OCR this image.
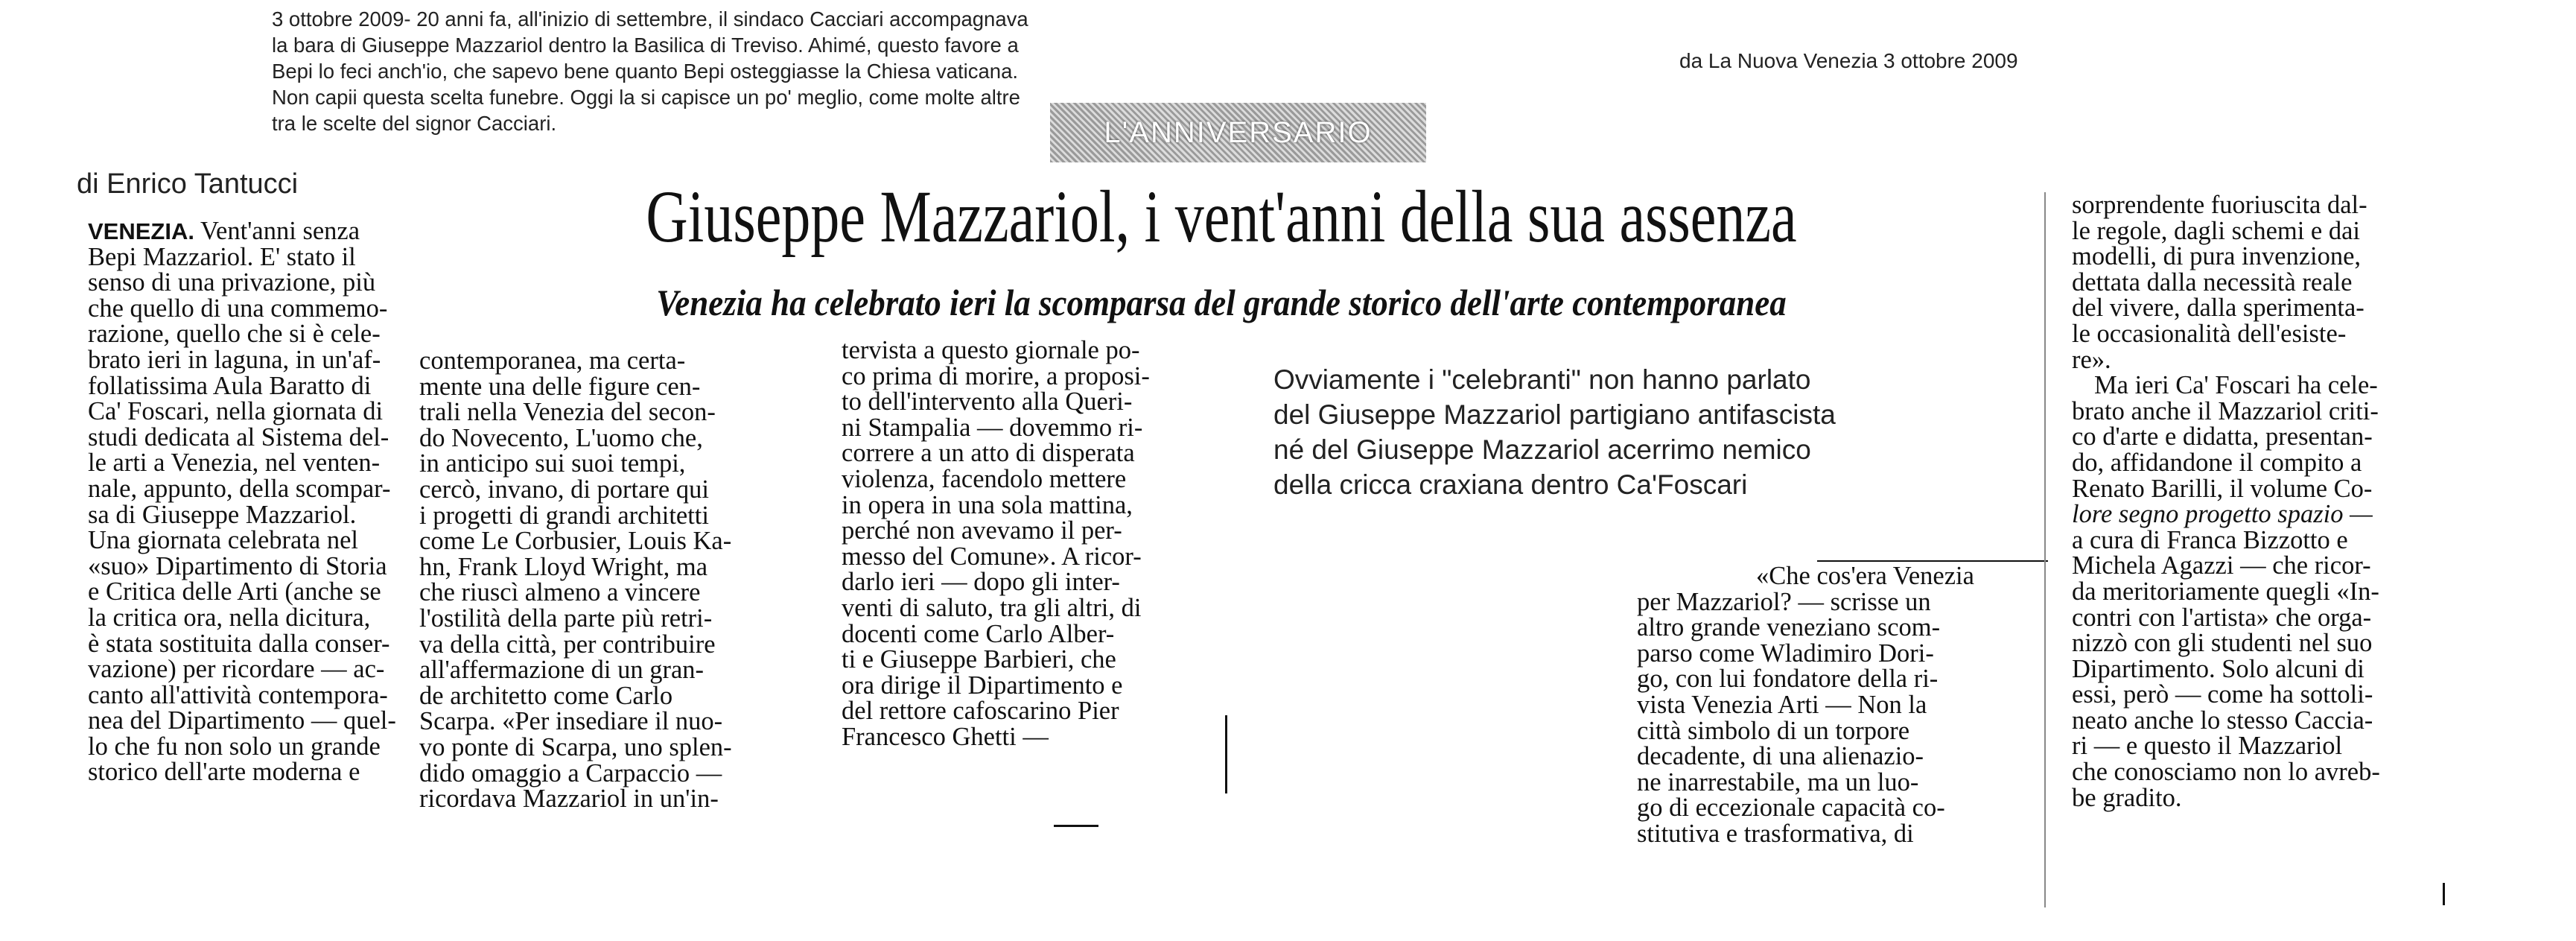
3 ottobre 2009- 20 anni fa, all'inizio di settembre, il sindaco Cacciari accompagnava
la bara di Giuseppe Mazzariol dentro la Basilica di Treviso. Ahimé, questo favore a
Bepi lo feci anch'io, che sapevo bene quanto Bepi osteggiasse la Chiesa vaticana.
Non capii questa scelta funebre. Oggi la si capisce un po' meglio, come molte altre
tra le scelte del signor Cacciari.
da La Nuova Venezia 3 ottobre 2009
L'ANNIVERSARIO
di Enrico Tantucci	Giuseppe Mazzariol, i vent'anni della sua assenza
Venezia ha celebrato ieri la scomparsa del grande storico dell'arte contemporanea
VENEZIA. Vent'anni senza
Bepi Mazzariol. E' stato il
senso di una privazione, più
che quello di una commemo-
razione, quello che si è cele-
brato ieri in laguna, in un'af-
follatissima Aula Baratto di
Ca' Foscari, nella giornata di
studi dedicata al Sistema del-
le arti a Venezia, nel venten-
nale, appunto, della scompar-
sa di Giuseppe Mazzariol.
Una giornata celebrata nel
«suo» Dipartimento di Storia
e Critica delle Arti (anche se
la critica ora, nella dicitura,
è stata sostituita dalla conser-
vazione) per ricordare — ac-
canto all'attività contempora-
nea del Dipartimento — quel-
lo che fu non solo un grande
storico dell'arte moderna e
contemporanea, ma certa-
mente una delle figure cen-
trali nella Venezia del secon-
do Novecento, L'uomo che,
in anticipo sui suoi tempi,
cercò, invano, di portare qui
i progetti di grandi architetti
come Le Corbusier, Louis Ka-
hn, Frank Lloyd Wright, ma
che riuscì almeno a vincere
l'ostilità della parte più retri-
va della città, per contribuire
all'affermazione di un gran-
de architetto come Carlo
Scarpa. «Per insediare il nuo-
vo ponte di Scarpa, uno splen-
dido omaggio a Carpaccio —
ricordava Mazzariol in un'in-
tervista a questo giornale po-
co prima di morire, a proposi-
to dell'intervento alla Queri-
ni Stampalia — dovemmo ri-
correre a un atto di disperata
violenza, facendolo mettere
in opera in una sola mattina,
perché non avevamo il per-
messo del Comune». A ricor-
darlo ieri — dopo gli inter-
venti di saluto, tra gli altri, di
docenti come Carlo Alber-
ti e Giuseppe Barbieri, che
ora dirige il Dipartimento e
del rettore cafoscarino Pier
Francesco Ghetti —
Ovviamente i "celebranti" non hanno parlato
del Giuseppe Mazzariol partigiano antifascista
né del Giuseppe Mazzariol acerrimo nemico
della cricca craxiana dentro Ca'Foscari
«Che cos'era Venezia
per Mazzariol? — scrisse un
altro grande veneziano scom-
parso come Wladimiro Dori-
go, con lui fondatore della ri-
vista Venezia Arti — Non la
città simbolo di un torpore
decadente, di una alienazio-
ne inarrestabile, ma un luo-
go di eccezionale capacità co-
stitutiva e trasformativa, di
sorprendente fuoriuscita dal-
le regole, dagli schemi e dai
modelli, di pura invenzione,
dettata dalla necessità reale
del vivere, dalla sperimenta-
le occasionalità dell'esiste-
re».
Ma ieri Ca' Foscari ha cele-
brato anche il Mazzariol criti-
co d'arte e didatta, presentan-
do, affidandone il compito a
Renato Barilli, il volume Co-
lore segno progetto spazio —
a cura di Franca Bizzotto e
Michela Agazzi — che ricor-
da meritoriamente quegli «In-
contri con l'artista» che orga-
nizzò con gli studenti nel suo
Dipartimento. Solo alcuni di
essi, però — come ha sottoli-
neato anche lo stesso Caccia-
ri — e questo il Mazzariol
che conosciamo non lo avreb-
be gradito.
